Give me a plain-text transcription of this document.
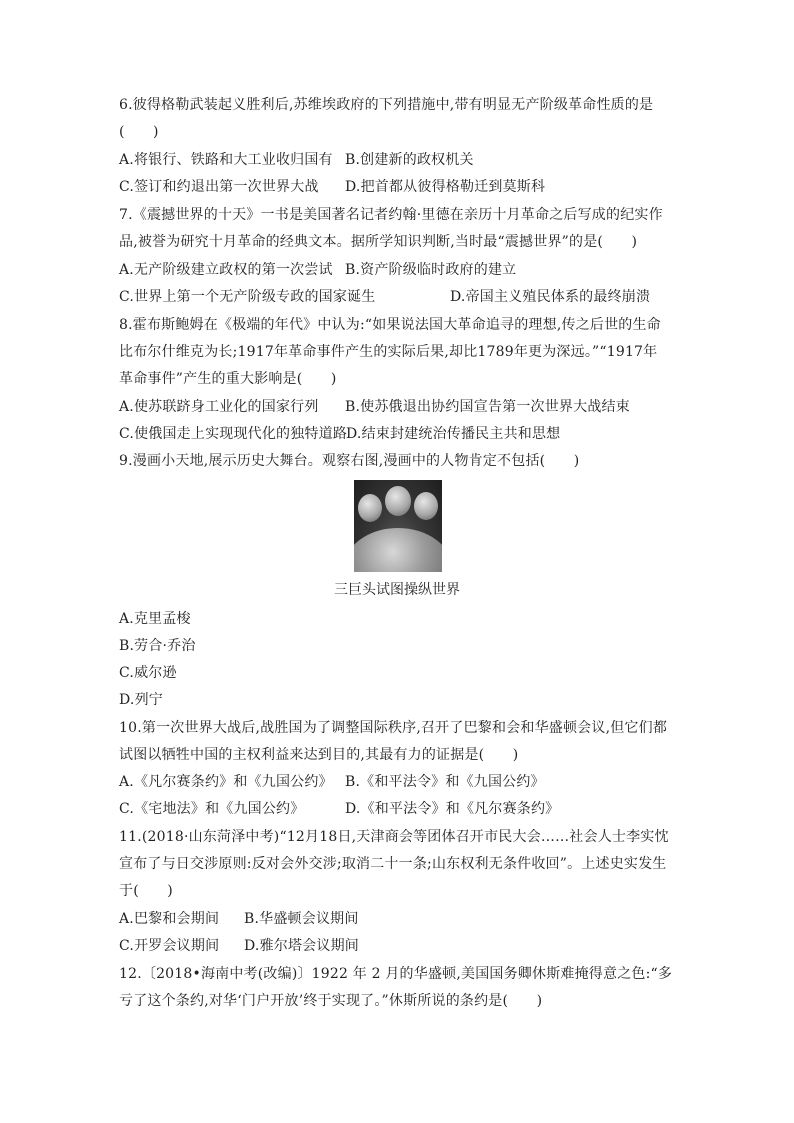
6.彼得格勒武装起义胜利后,苏维埃政府的下列措施中,带有明显无产阶级革命性质的是
(　　)
A.将银行、铁路和大工业收归国有 B.创建新的政权机关
C.签订和约退出第一次世界大战 D.把首都从彼得格勒迁到莫斯科
7.《震撼世界的十天》一书是美国著名记者约翰·里德在亲历十月革命之后写成的纪实作
品,被誉为研究十月革命的经典文本。据所学知识判断,当时最“震撼世界”的是(　　)
A.无产阶级建立政权的第一次尝试 B.资产阶级临时政府的建立
C.世界上第一个无产阶级专政的国家诞生	D.帝国主义殖民体系的最终崩溃
8.霍布斯鲍姆在《极端的年代》中认为:“如果说法国大革命追寻的理想,传之后世的生命
比布尔什维克为长;1917年革命事件产生的实际后果,却比1789年更为深远。”“1917年
革命事件”产生的重大影响是(　　)
A.使苏联跻身工业化的国家行列 B.使苏俄退出协约国宣告第一次世界大战结束
C.使俄国走上实现现代化的独特道路
D.结束封建统治传播民主共和思想
9.漫画小天地,展示历史大舞台。观察右图,漫画中的人物肯定不包括(　　)
三巨头试图操纵世界
A.克里孟梭
B.劳合·乔治
C.威尔逊
D.列宁
10.第一次世界大战后,战胜国为了调整国际秩序,召开了巴黎和会和华盛顿会议,但它们都
试图以牺牲中国的主权利益来达到目的,其最有力的证据是(　　)
A.《凡尔赛条约》和《九国公约》 B.《和平法令》和《九国公约》
C.《宅地法》和《九国公约》	D.《和平法令》和《凡尔赛条约》
11.(2018·山东菏泽中考)“12月18日,天津商会等团体召开市民大会……社会人士李实忱
宣布了与日交涉原则:反对会外交涉;取消二十一条;山东权利无条件收回”。上述史实发生
于(　　)
A.巴黎和会期间 B.华盛顿会议期间
C.开罗会议期间 D.雅尔塔会议期间
12.〔2018•海南中考(改编)〕1922 年 2 月的华盛顿,美国国务卿休斯难掩得意之色:“多
亏了这个条约,对华‘门户开放’终于实现了。”休斯所说的条约是(　　)
